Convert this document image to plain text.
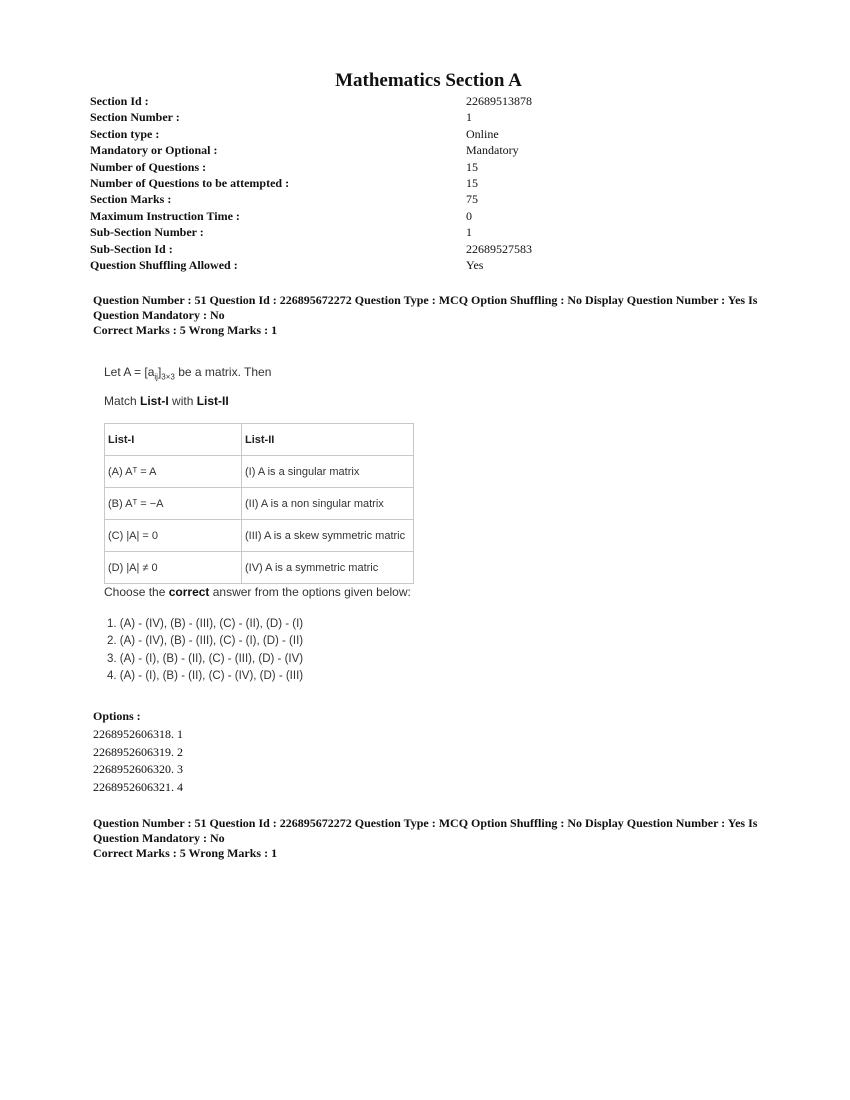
Mathematics Section A
Section Id :	22689513878
Section Number :	1
Section type :	Online
Mandatory or Optional :	Mandatory
Number of Questions :	15
Number of Questions to be attempted :	15
Section Marks :	75
Maximum Instruction Time :	0
Sub-Section Number :	1
Sub-Section Id :	22689527583
Question Shuffling Allowed :	Yes
Question Number : 51 Question Id : 226895672272 Question Type : MCQ Option Shuffling : No Display Question Number : Yes Is
Question Mandatory : No
Correct Marks : 5 Wrong Marks : 1
Let $A = [a_{ij}]_{3\times 3}$ be a matrix. Then
Match List-I with List-II
List-I	List-II
(A) Aᵀ = A	(I) A is a singular matrix
(B) Aᵀ = −A	(II) A is a non singular matrix
(C) |A| = 0	(III) A is a skew symmetric matric
(D) |A| ≠ 0	(IV) A is a symmetric matric
Choose the correct answer from the options given below:
1. (A) - (IV), (B) - (III), (C) - (II), (D) - (I)
2. (A) - (IV), (B) - (III), (C) - (I), (D) - (II)
3. (A) - (I), (B) - (II), (C) - (III), (D) - (IV)
4. (A) - (I), (B) - (II), (C) - (IV), (D) - (III)
Options :
2268952606318. 1
2268952606319. 2
2268952606320. 3
2268952606321. 4
Question Number : 51 Question Id : 226895672272 Question Type : MCQ Option Shuffling : No Display Question Number : Yes Is
Question Mandatory : No
Correct Marks : 5 Wrong Marks : 1
